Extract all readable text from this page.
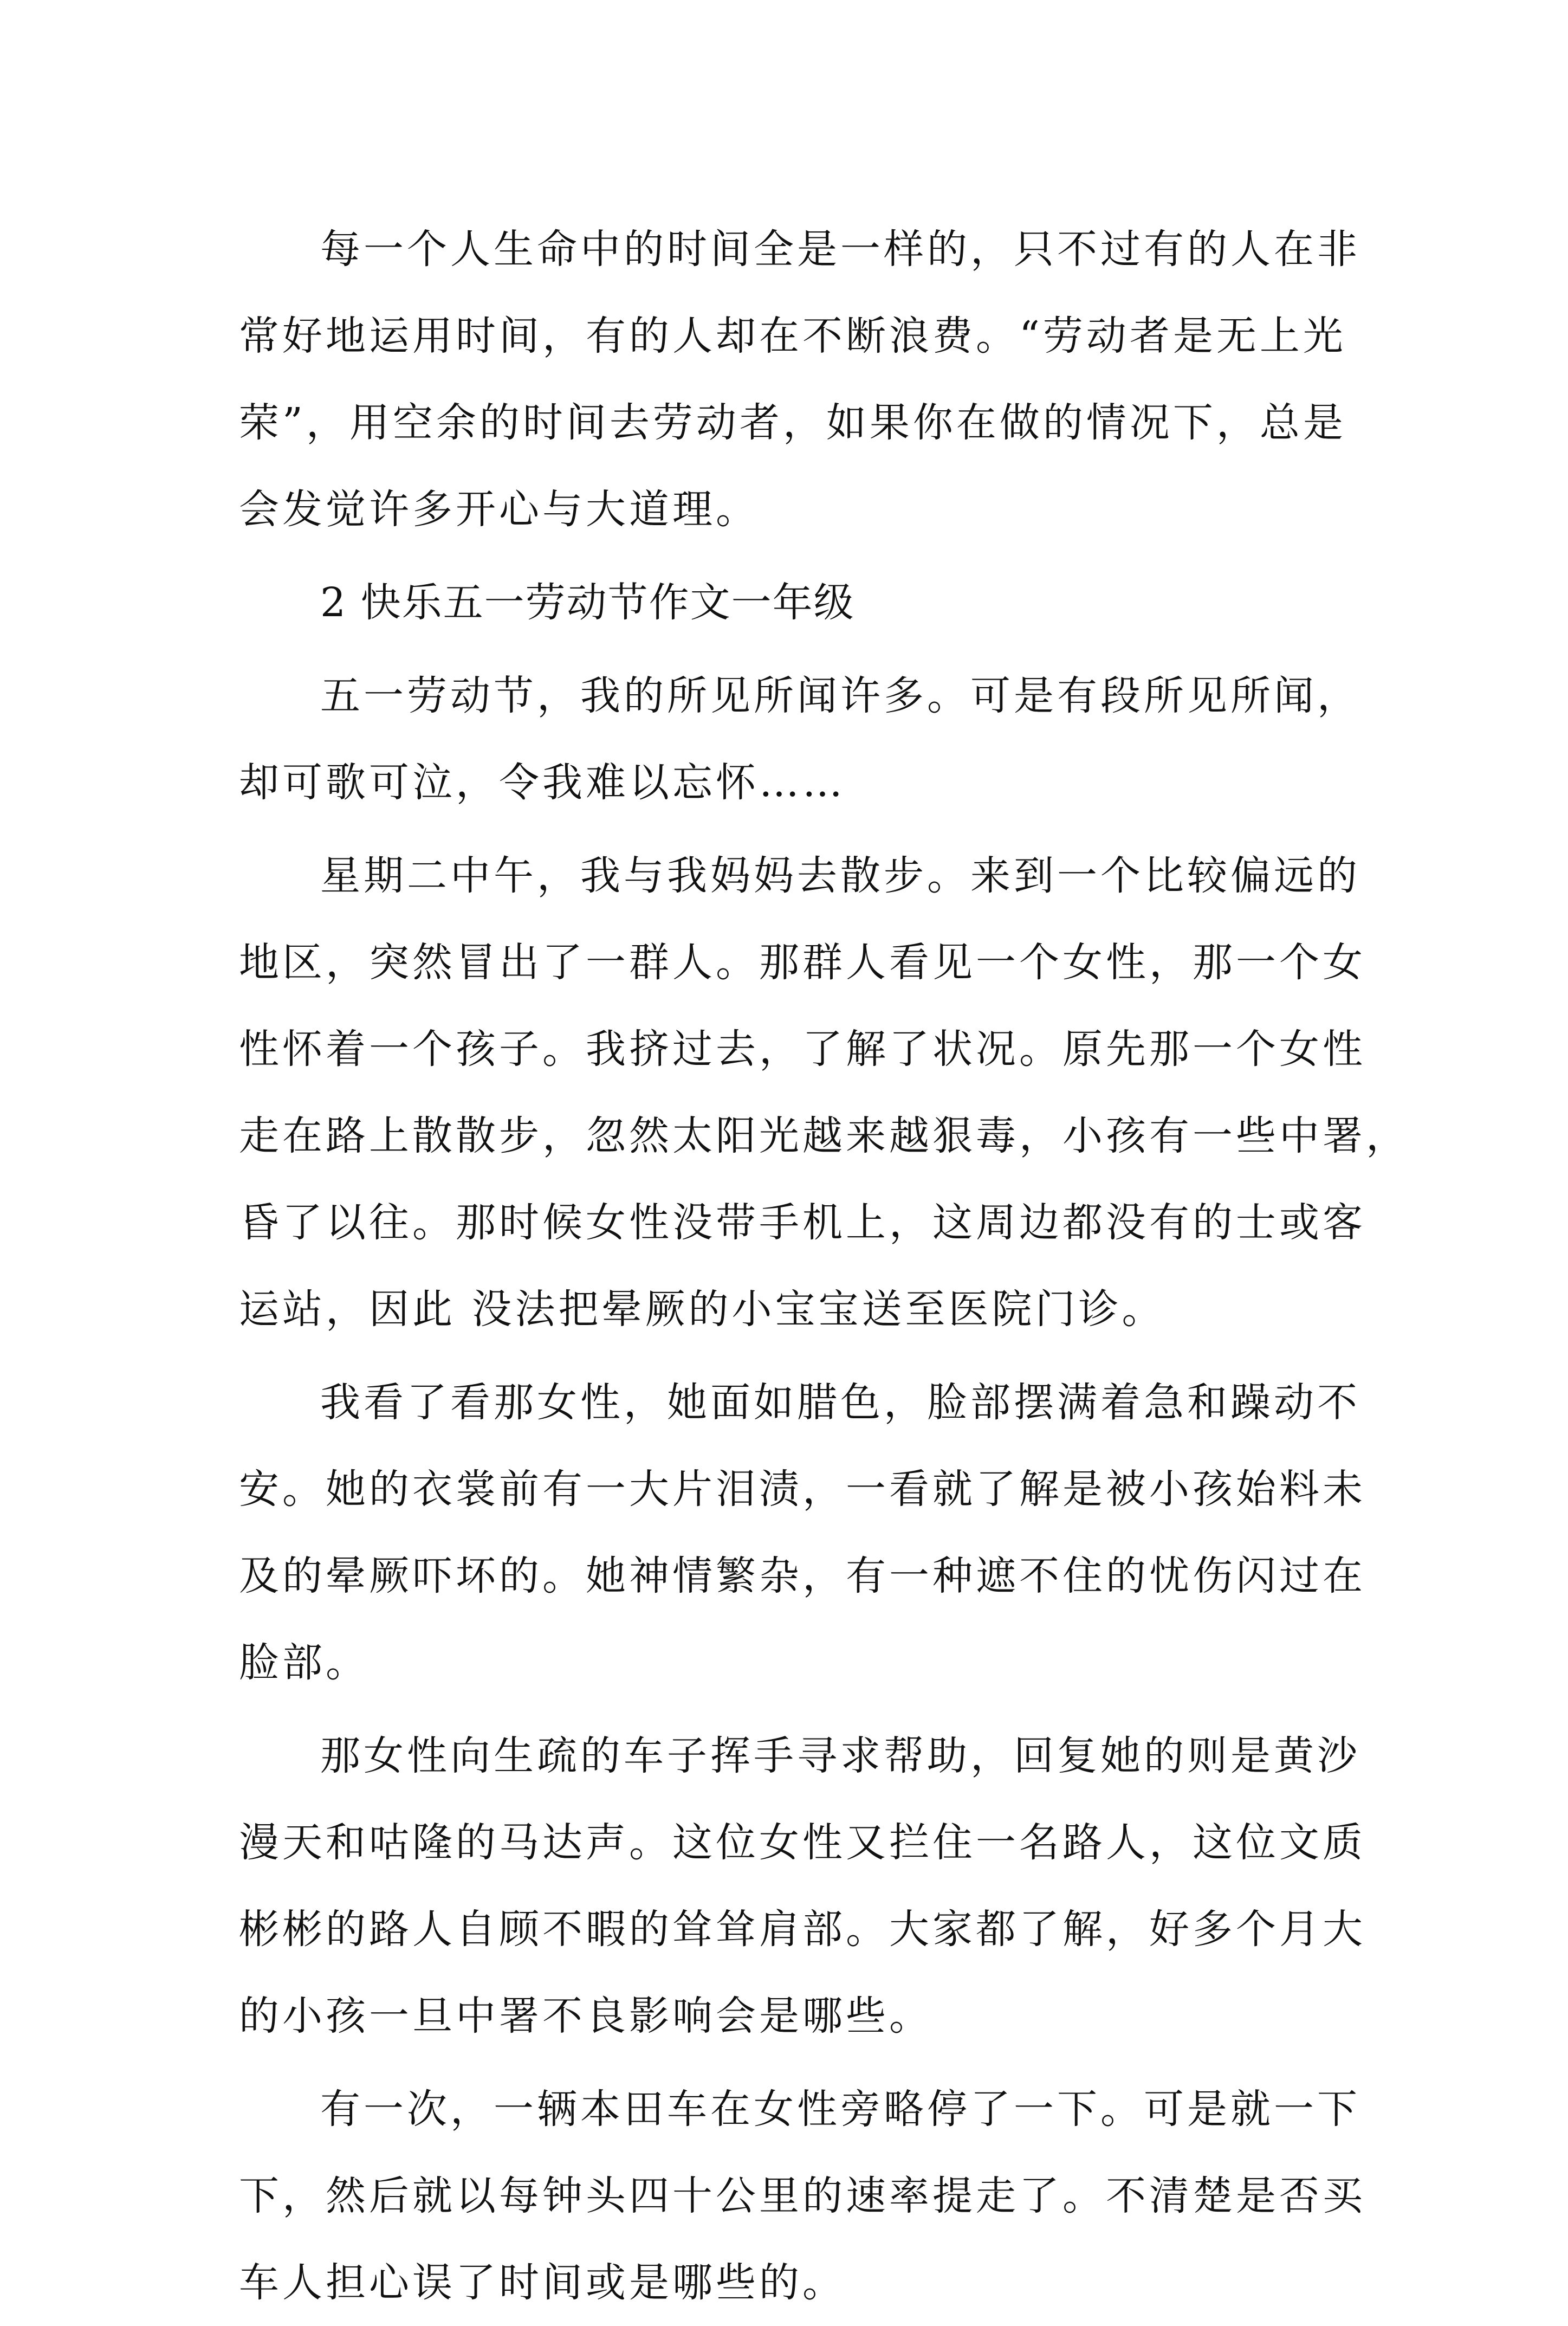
每一个人生命中的时间全是一样的，只不过有的人在非
常好地运用时间，有的人却在不断浪费。“劳动者是无上光
荣”，用空余的时间去劳动者，如果你在做的情况下，总是
会发觉许多开心与大道理。
2 快乐五一劳动节作文一年级
五一劳动节，我的所见所闻许多。可是有段所见所闻，
却可歌可泣，令我难以忘怀……
星期二中午，我与我妈妈去散步。来到一个比较偏远的
地区，突然冒出了一群人。那群人看见一个女性，那一个女
性怀着一个孩子。我挤过去，了解了状况。原先那一个女性
走在路上散散步，忽然太阳光越来越狠毒，小孩有一些中署，
昏了以往。那时候女性没带手机上，这周边都没有的士或客
运站，因此 没法把晕厥的小宝宝送至医院门诊。
我看了看那女性，她面如腊色，脸部摆满着急和躁动不
安。她的衣裳前有一大片泪渍，一看就了解是被小孩始料未
及的晕厥吓坏的。她神情繁杂，有一种遮不住的忧伤闪过在
脸部。
那女性向生疏的车子挥手寻求帮助，回复她的则是黄沙
漫天和咕隆的马达声。这位女性又拦住一名路人，这位文质
彬彬的路人自顾不暇的耸耸肩部。大家都了解，好多个月大
的小孩一旦中署不良影响会是哪些。
有一次，一辆本田车在女性旁略停了一下。可是就一下
下，然后就以每钟头四十公里的速率提走了。不清楚是否买
车人担心误了时间或是哪些的。
